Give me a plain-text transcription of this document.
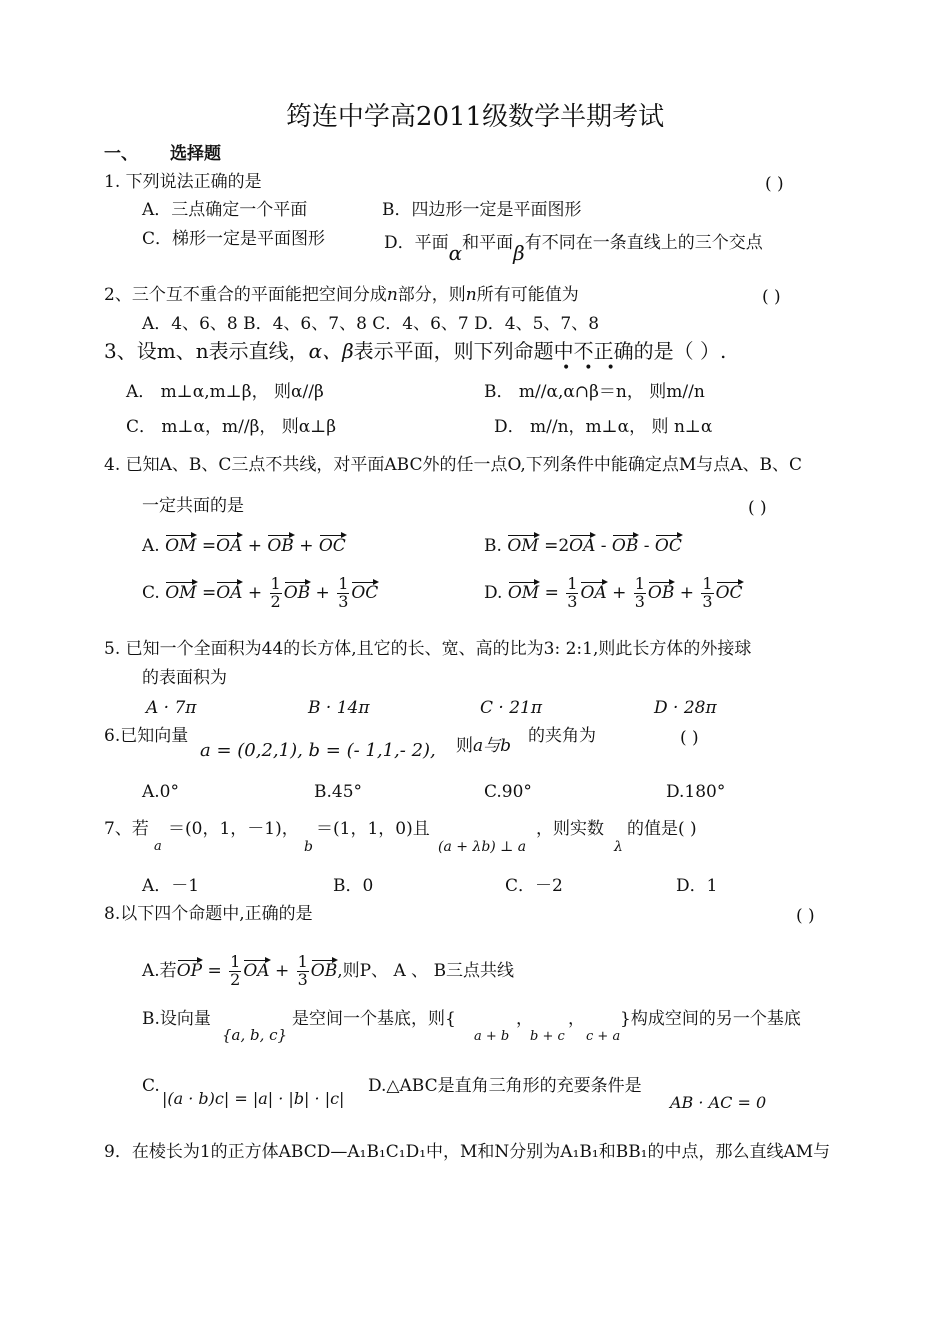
筠连中学高2011级数学半期考试
一、 选择题
1. 下列说法正确的是	( )
A．三点确定一个平面	B．四边形一定是平面图形
C．梯形一定是平面图形	D．平面α和平面β有不同在一条直线上的三个交点
2、三个互不重合的平面能把空间分成n部分，则n所有可能值为	( )
A．4、6、8 B．4、6、7、8 C．4、6、7 D．4、5、7、8
3、设m、n表示直线，α、β表示平面，则下列命题中不正确的是（ ）.
•••
A． m⊥α,m⊥β， 则α//β	B． m//α,α∩β＝n， 则m//n
C． m⊥α，m//β， 则α⊥β	D． m//n，m⊥α， 则 n⊥α
4. 已知A、B、C三点不共线，对平面ABC外的任一点O,下列条件中能确定点M与点A、B、C
一定共面的是	( )
A. OM =OA + OB + OC	B. OM =2OA - OB - OC
C. OM $=OA + \frac{1}{2}$ OB + $\frac{1}{3}$ OC	D. OM = $\frac{1}{3}$ OA + $\frac{1}{3}$ OB + $\frac{1}{3}$ OC
5. 已知一个全面积为44的长方体,且它的长、宽、高的比为3: 2:1,则此长方体的外接球
的表面积为
A · 7π	B · 14π	C · 21π	D · 28π
6.已知向量
a = (0,2,1), b = (- 1,1,- 2), 则a与b 的夹角为	( )
A.0°	B.45°	C.90°	D.180°
7、若
a
＝(0，1，－1)，
b
＝(1，1，0)且
(a + λb) ⊥ a
，则实数
λ
的值是( )
A．－1	B．0	C．－2	D．1
8.以下四个命题中,正确的是	( )
A.若OP = $\frac{1}{2}$ OA + $\frac{1}{3}$ OB,则P、 A 、 B三点共线
B.设向量
{a, b, c}
是空间一个基底，则{
a + b
，
b + c
，
c + a
}构成空间的另一个基底
C.
|(a · b)c| = |a| · |b| · |c|
D.△ABC是直角三角形的充要条件是
AB · AC = 0
9．在棱长为1的正方体ABCD—A₁B₁C₁D₁中，M和N分别为A₁B₁和BB₁的中点，那么直线AM与
